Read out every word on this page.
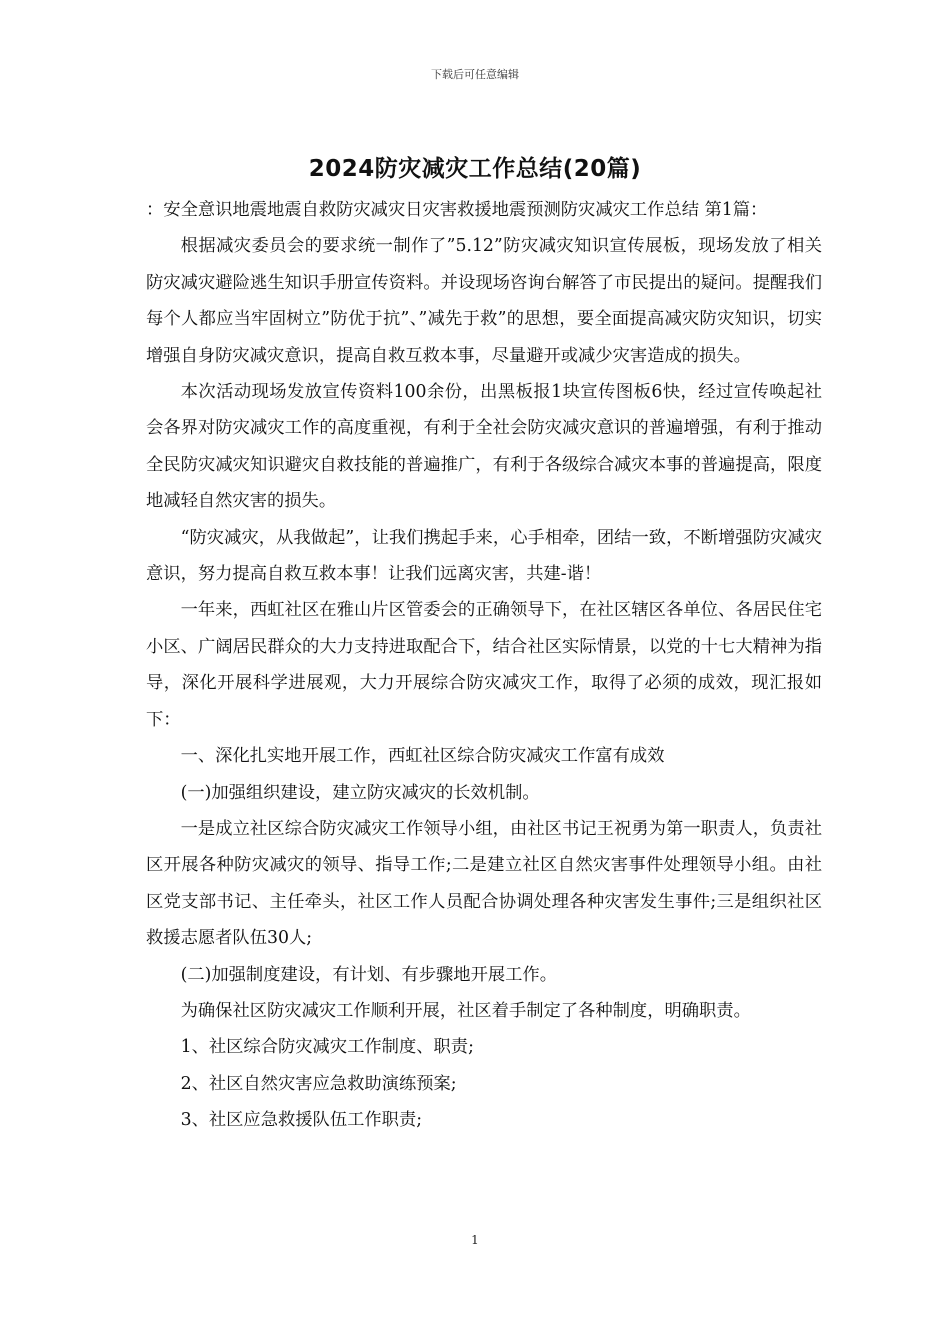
下载后可任意编辑
2024防灾减灾工作总结(20篇)

：安全意识地震地震自救防灾减灾日灾害救援地震预测防灾减灾工作总结 第1篇：

根据减灾委员会的要求统一制作了”5.12”防灾减灾知识宣传展板，现场发放了相关防灾减灾避险逃生知识手册宣传资料。并设现场咨询台解答了市民提出的疑问。提醒我们每个人都应当牢固树立”防优于抗”、”减先于救”的思想，要全面提高减灾防灾知识，切实增强自身防灾减灾意识，提高自救互救本事，尽量避开或减少灾害造成的损失。

本次活动现场发放宣传资料100余份，出黑板报1块宣传图板6快，经过宣传唤起社会各界对防灾减灾工作的高度重视，有利于全社会防灾减灾意识的普遍增强，有利于推动全民防灾减灾知识避灾自救技能的普遍推广，有利于各级综合减灾本事的普遍提高，限度地减轻自然灾害的损失。

“防灾减灾，从我做起”，让我们携起手来，心手相牵，团结一致，不断增强防灾减灾意识，努力提高自救互救本事！让我们远离灾害，共建-谐！

一年来，西虹社区在雅山片区管委会的正确领导下，在社区辖区各单位、各居民住宅小区、广阔居民群众的大力支持进取配合下，结合社区实际情景，以党的十七大精神为指导，深化开展科学进展观，大力开展综合防灾减灾工作，取得了必须的成效，现汇报如下：

一、深化扎实地开展工作，西虹社区综合防灾减灾工作富有成效

(一)加强组织建设，建立防灾减灾的长效机制。

一是成立社区综合防灾减灾工作领导小组，由社区书记王祝勇为第一职责人，负责社区开展各种防灾减灾的领导、指导工作;二是建立社区自然灾害事件处理领导小组。由社区党支部书记、主任牵头，社区工作人员配合协调处理各种灾害发生事件;三是组织社区救援志愿者队伍30人;

(二)加强制度建设，有计划、有步骤地开展工作。

为确保社区防灾减灾工作顺利开展，社区着手制定了各种制度，明确职责。

1、社区综合防灾减灾工作制度、职责;

2、社区自然灾害应急救助演练预案;

3、社区应急救援队伍工作职责;

1
